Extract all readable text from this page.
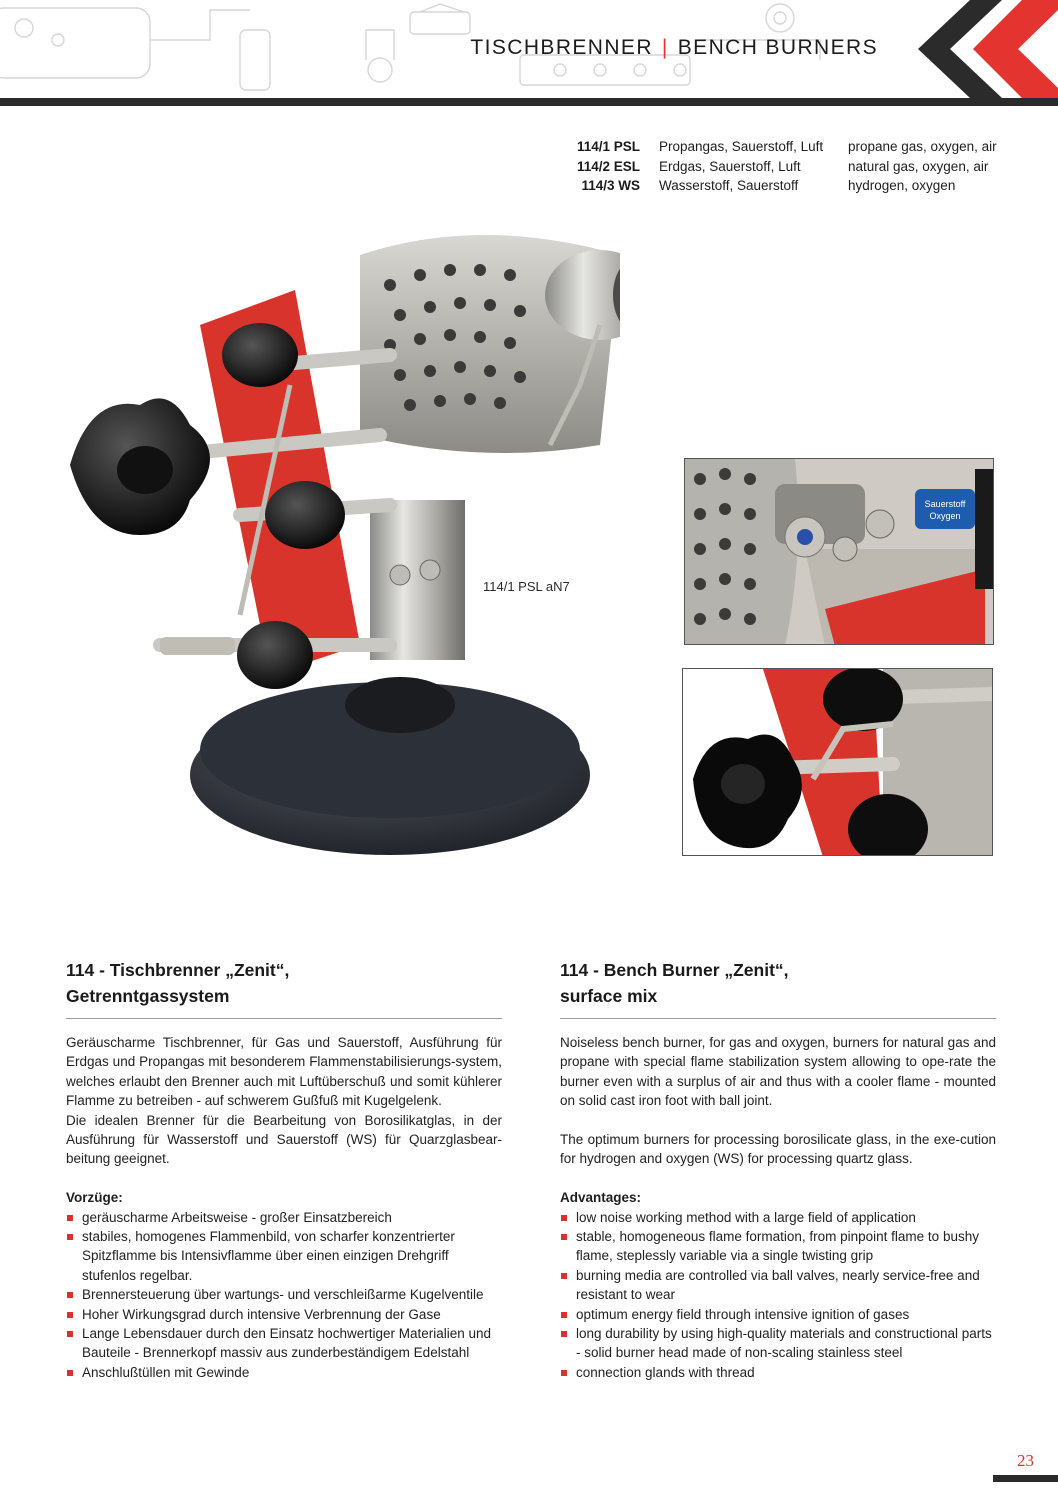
TISCHBRENNER | BENCH BURNERS
114/1 PSL Propangas, Sauerstoff, Luft propane gas, oxygen, air
114/2 ESL Erdgas, Sauerstoff, Luft	natural gas, oxygen, air
114/3 WS Wasserstoff, Sauerstoff	hydrogen, oxygen
114/1 PSL aN7
Sauerstoff
Oxygen
114 - Tischbrenner „Zenit“,
Getrenntgassystem

Geräuscharme Tischbrenner, für Gas und Sauerstoff, Ausführung für Erdgas und Propangas mit besonderem Flammenstabilisierungs-system, welches erlaubt den Brenner auch mit Luftüberschuß und somit kühlerer Flamme zu betreiben - auf schwerem Gußfuß mit Kugelgelenk.

Die idealen Brenner für die Bearbeitung von Borosilikatglas, in der Ausführung für Wasserstoff und Sauerstoff (WS) für Quarzglasbear-beitung geeignet.

Vorzüge:
geräuscharme Arbeitsweise - großer Einsatzbereich
stabiles, homogenes Flammenbild, von scharfer konzentrierter Spitzflamme bis Intensivflamme über einen einzigen Drehgriff stufenlos regelbar.
Brennersteuerung über wartungs- und verschleißarme Kugelventile
Hoher Wirkungsgrad durch intensive Verbrennung der Gase
Lange Lebensdauer durch den Einsatz hochwertiger Materialien und Bauteile - Brennerkopf massiv aus zunderbeständigem Edelstahl
Anschlußtüllen mit Gewinde
114 - Bench Burner „Zenit“,
surface mix

Noiseless bench burner, for gas and oxygen, burners for natural gas and propane with special flame stabilization system allowing to ope-rate the burner even with a surplus of air and thus with a cooler flame - mounted on solid cast iron foot with ball joint.

The optimum burners for processing borosilicate glass, in the exe-cution for hydrogen and oxygen (WS) for processing quartz glass.

Advantages:
low noise working method with a large field of application
stable, homogeneous flame formation, from pinpoint flame to bushy flame, steplessly variable via a single twisting grip
burning media are controlled via ball valves, nearly service-free and resistant to wear
optimum energy field through intensive ignition of gases
long durability by using high-quality materials and constructional parts - solid burner head made of non-scaling stainless steel
connection glands with thread
23
